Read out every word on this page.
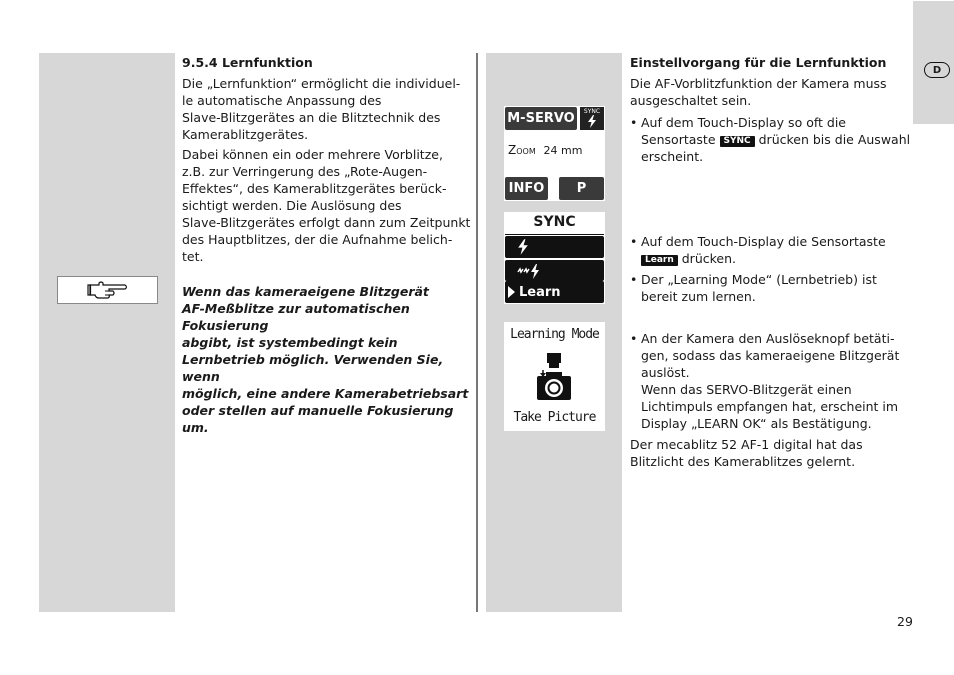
D

9.5.4 Lernfunktion

Die „Lernfunktion“ ermöglicht die individuel-
le automatische Anpassung des
Slave-Blitzgerätes an die Blitztechnik des
Kamerablitzgerätes.
Dabei können ein oder mehrere Vorblitze,
z.B. zur Verringerung des „Rote-Augen-
Effektes“, des Kamerablitzgerätes berück-
sichtigt werden. Die Auslösung des
Slave-Blitzgerätes erfolgt dann zum Zeitpunkt
des Hauptblitzes, der die Aufnahme belich-
tet.
Wenn das kameraeigene Blitzgerät
AF-Meßblitze zur automatischen Fokusierung
abgibt, ist systembedingt kein
Lernbetrieb möglich. Verwenden Sie, wenn
möglich, eine andere Kamerabetriebsart
oder stellen auf manuelle Fokusierung um.
M-SERVO	SYNC
Zoom 24 mm
INFO P
SYNC
Learn
Learning Mode
Take Picture
Einstellvorgang für die Lernfunktion
Die AF-Vorblitzfunktion der Kamera muss
ausgeschaltet sein.
• Auf dem Touch-Display so oft die
Sensortaste SYNC drücken bis die Auswahl
erscheint.
• Auf dem Touch-Display die Sensortaste
Learn drücken.
• Der „Learning Mode“ (Lernbetrieb) ist
bereit zum lernen.
• An der Kamera den Auslöseknopf betäti-
gen, sodass das kameraeigene Blitzgerät
auslöst.
Wenn das SERVO-Blitzgerät einen
Lichtimpuls empfangen hat, erscheint im
Display „LEARN OK“ als Bestätigung.
Der mecablitz 52 AF-1 digital hat das
Blitzlicht des Kamerablitzes gelernt.
29
